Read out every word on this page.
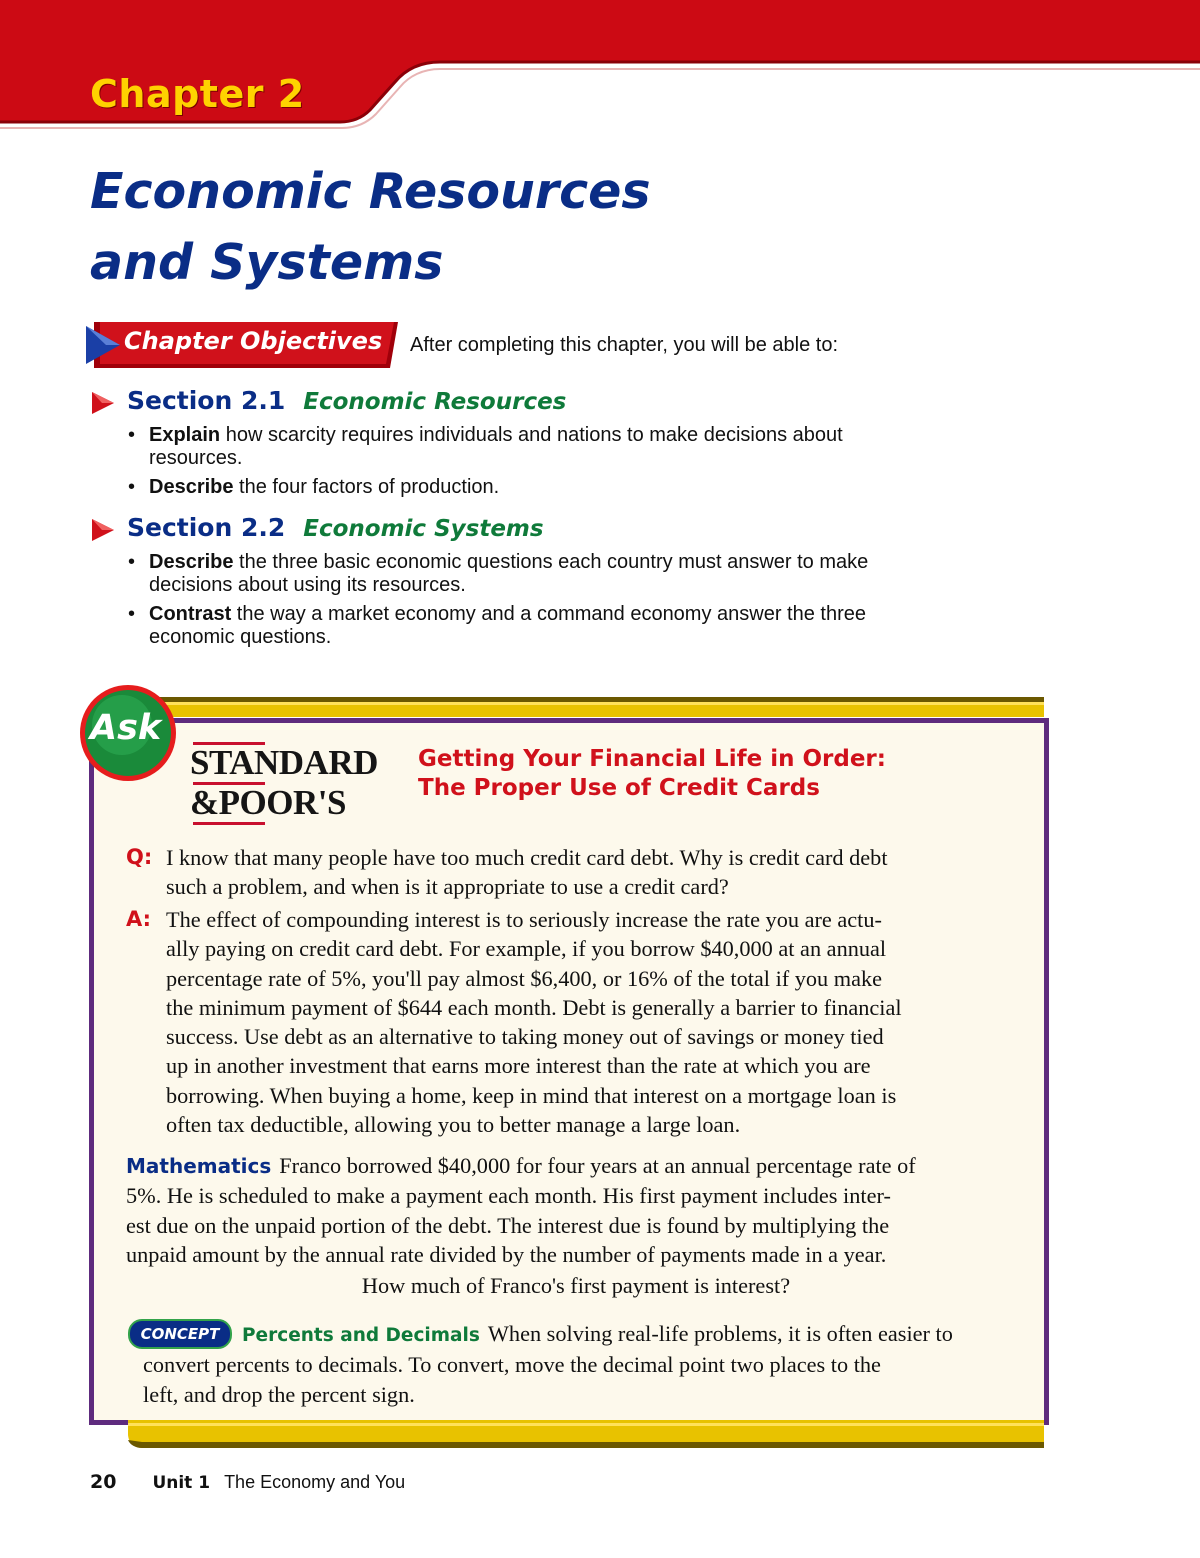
Chapter 2
Economic Resources
and Systems
Chapter Objectives After completing this chapter, you will be able to:
Section 2.1 Economic Resources
• Explain how scarcity requires individuals and nations to make decisions about
resources.
• Describe the four factors of production.
Section 2.2 Economic Systems
• Describe the three basic economic questions each country must answer to make
decisions about using its resources.
• Contrast the way a market economy and a command economy answer the three
economic questions.
Ask
STANDARD
&POOR'S
Getting Your Financial Life in Order:
The Proper Use of Credit Cards
Q: I know that many people have too much credit card debt. Why is credit card debt
such a problem, and when is it appropriate to use a credit card?
A: The effect of compounding interest is to seriously increase the rate you are actu-
ally paying on credit card debt. For example, if you borrow $40,000 at an annual
percentage rate of 5%, you'll pay almost $6,400, or 16% of the total if you make
the minimum payment of $644 each month. Debt is generally a barrier to financial
success. Use debt as an alternative to taking money out of savings or money tied
up in another investment that earns more interest than the rate at which you are
borrowing. When buying a home, keep in mind that interest on a mortgage loan is
often tax deductible, allowing you to better manage a large loan.
Mathematics Franco borrowed $40,000 for four years at an annual percentage rate of
5%. He is scheduled to make a payment each month. His first payment includes inter-
est due on the unpaid portion of the debt. The interest due is found by multiplying the
unpaid amount by the annual rate divided by the number of payments made in a year.
How much of Franco's first payment is interest?
CONCEPT Percents and Decimals When solving real-life problems, it is often easier to
convert percents to decimals. To convert, move the decimal point two places to the
left, and drop the percent sign.
20 Unit 1 The Economy and You
